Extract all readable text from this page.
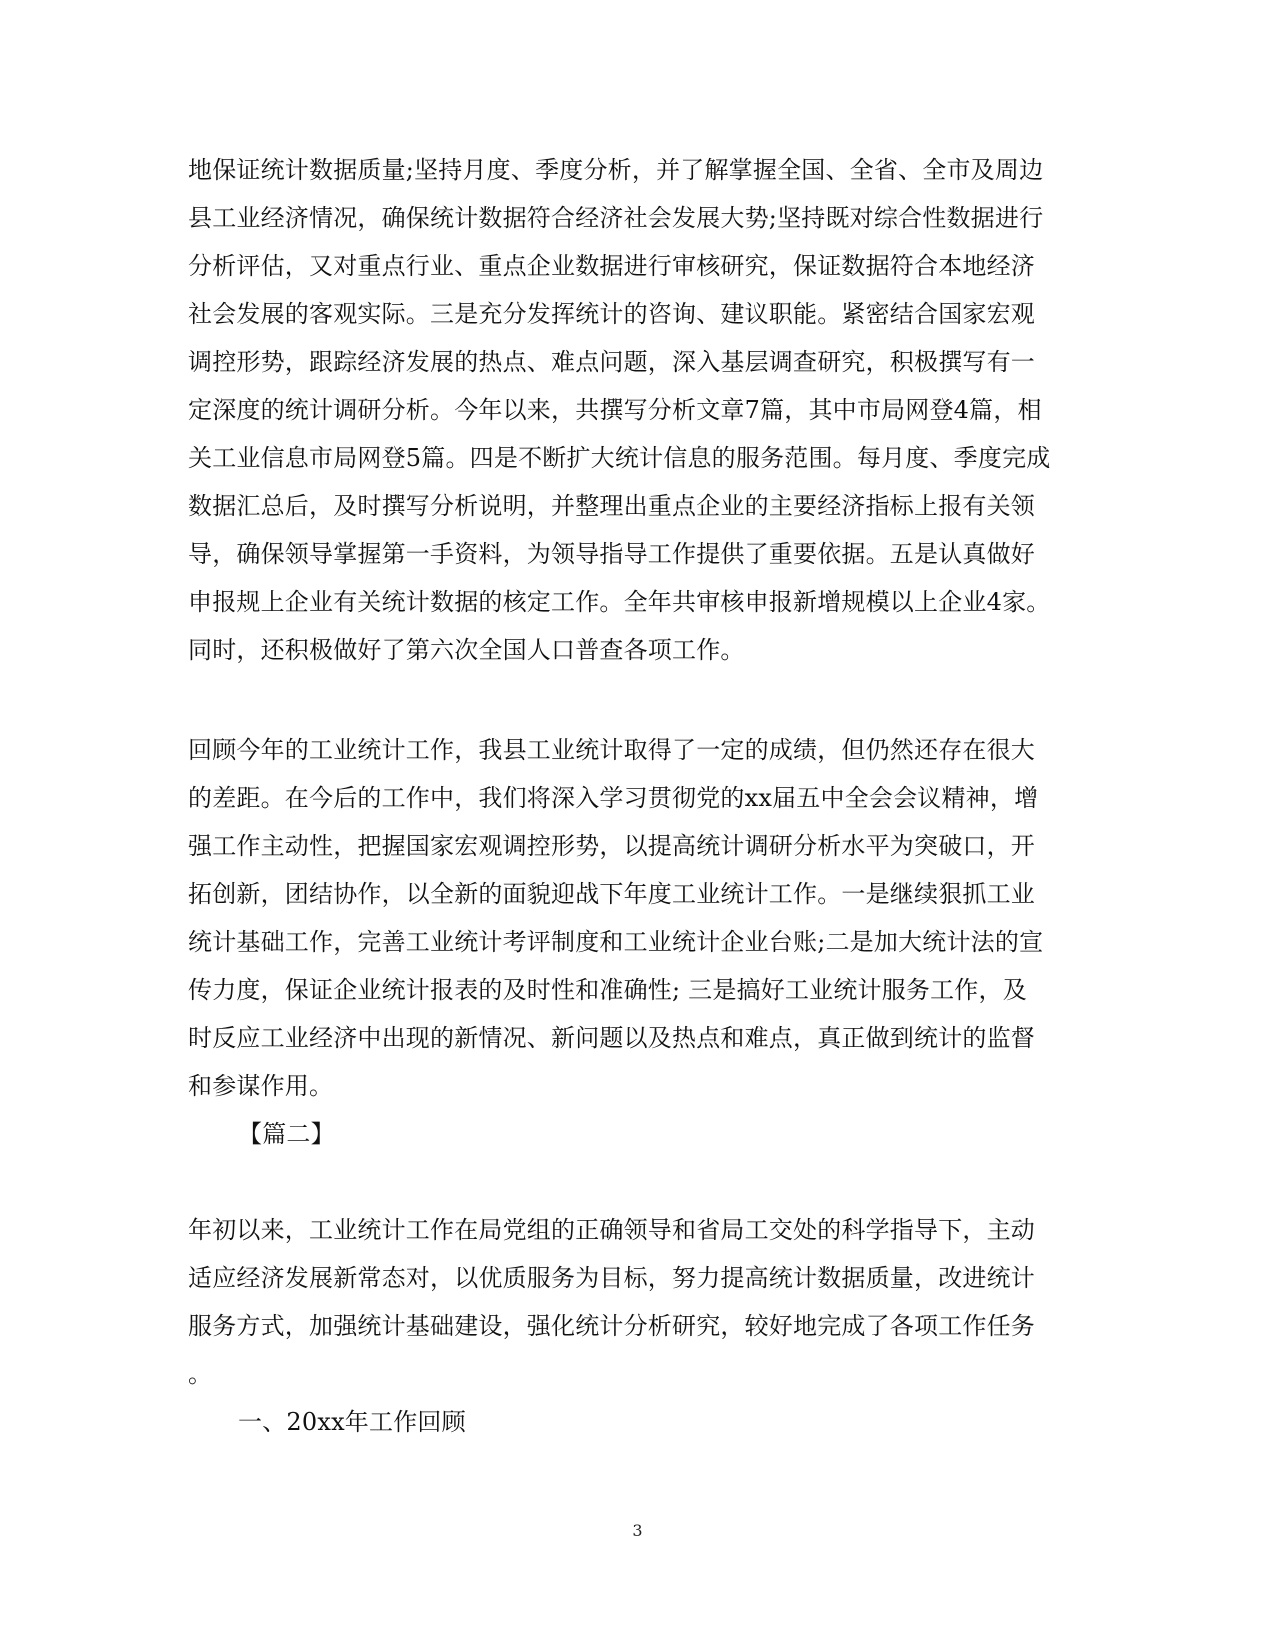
地保证统计数据质量;坚持月度、季度分析，并了解掌握全国、全省、全市及周边
县工业经济情况，确保统计数据符合经济社会发展大势;坚持既对综合性数据进行
分析评估，又对重点行业、重点企业数据进行审核研究，保证数据符合本地经济
社会发展的客观实际。三是充分发挥统计的咨询、建议职能。紧密结合国家宏观
调控形势，跟踪经济发展的热点、难点问题，深入基层调查研究，积极撰写有一
定深度的统计调研分析。今年以来，共撰写分析文章7篇，其中市局网登4篇，相
关工业信息市局网登5篇。四是不断扩大统计信息的服务范围。每月度、季度完成
数据汇总后，及时撰写分析说明，并整理出重点企业的主要经济指标上报有关领
导，确保领导掌握第一手资料，为领导指导工作提供了重要依据。五是认真做好
申报规上企业有关统计数据的核定工作。全年共审核申报新增规模以上企业4家。
同时，还积极做好了第六次全国人口普查各项工作。
回顾今年的工业统计工作，我县工业统计取得了一定的成绩，但仍然还存在很大
的差距。在今后的工作中，我们将深入学习贯彻党的xx届五中全会会议精神，增
强工作主动性，把握国家宏观调控形势，以提高统计调研分析水平为突破口，开
拓创新，团结协作，以全新的面貌迎战下年度工业统计工作。一是继续狠抓工业
统计基础工作，完善工业统计考评制度和工业统计企业台账;二是加大统计法的宣
传力度，保证企业统计报表的及时性和准确性; 三是搞好工业统计服务工作，及
时反应工业经济中出现的新情况、新问题以及热点和难点，真正做到统计的监督
和参谋作用。
【篇二】
年初以来，工业统计工作在局党组的正确领导和省局工交处的科学指导下，主动
适应经济发展新常态对，以优质服务为目标，努力提高统计数据质量，改进统计
服务方式，加强统计基础建设，强化统计分析研究，较好地完成了各项工作任务
。
一、20xx年工作回顾
3
